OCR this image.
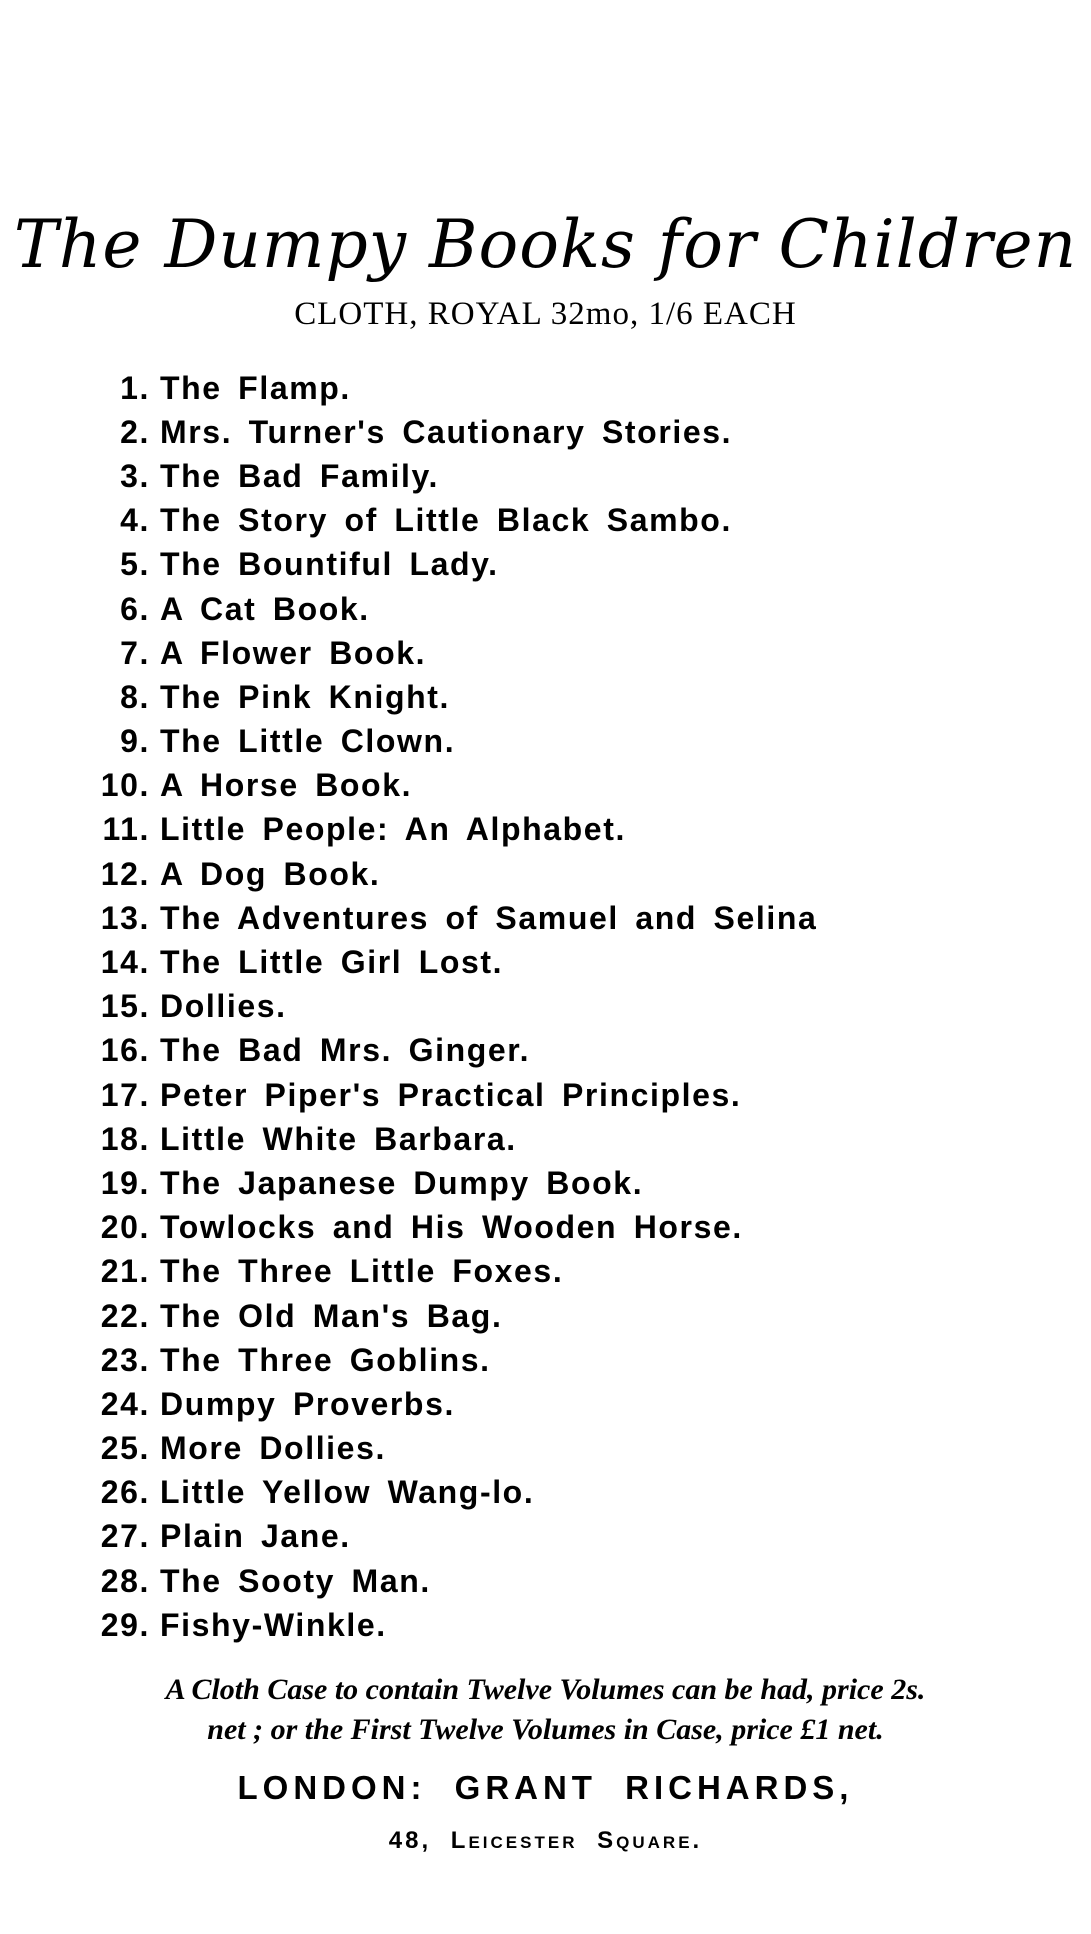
The Dumpy Books for Children
CLOTH, ROYAL 32mo, 1/6 EACH
1. The Flamp.
2. Mrs. Turner's Cautionary Stories.
3. The Bad Family.
4. The Story of Little Black Sambo.
5. The Bountiful Lady.
6. A Cat Book.
7. A Flower Book.
8. The Pink Knight.
9. The Little Clown.
10. A Horse Book.
11. Little People: An Alphabet.
12. A Dog Book.
13. The Adventures of Samuel and Selina
14. The Little Girl Lost.
15. Dollies.
16. The Bad Mrs. Ginger.
17. Peter Piper's Practical Principles.
18. Little White Barbara.
19. The Japanese Dumpy Book.
20. Towlocks and His Wooden Horse.
21. The Three Little Foxes.
22. The Old Man's Bag.
23. The Three Goblins.
24. Dumpy Proverbs.
25. More Dollies.
26. Little Yellow Wang-lo.
27. Plain Jane.
28. The Sooty Man.
29. Fishy-Winkle.
A Cloth Case to contain Twelve Volumes can be had, price 2s.
net ; or the First Twelve Volumes in Case, price £1 net.
LONDON: GRANT RICHARDS,
48, Leicester Square.
